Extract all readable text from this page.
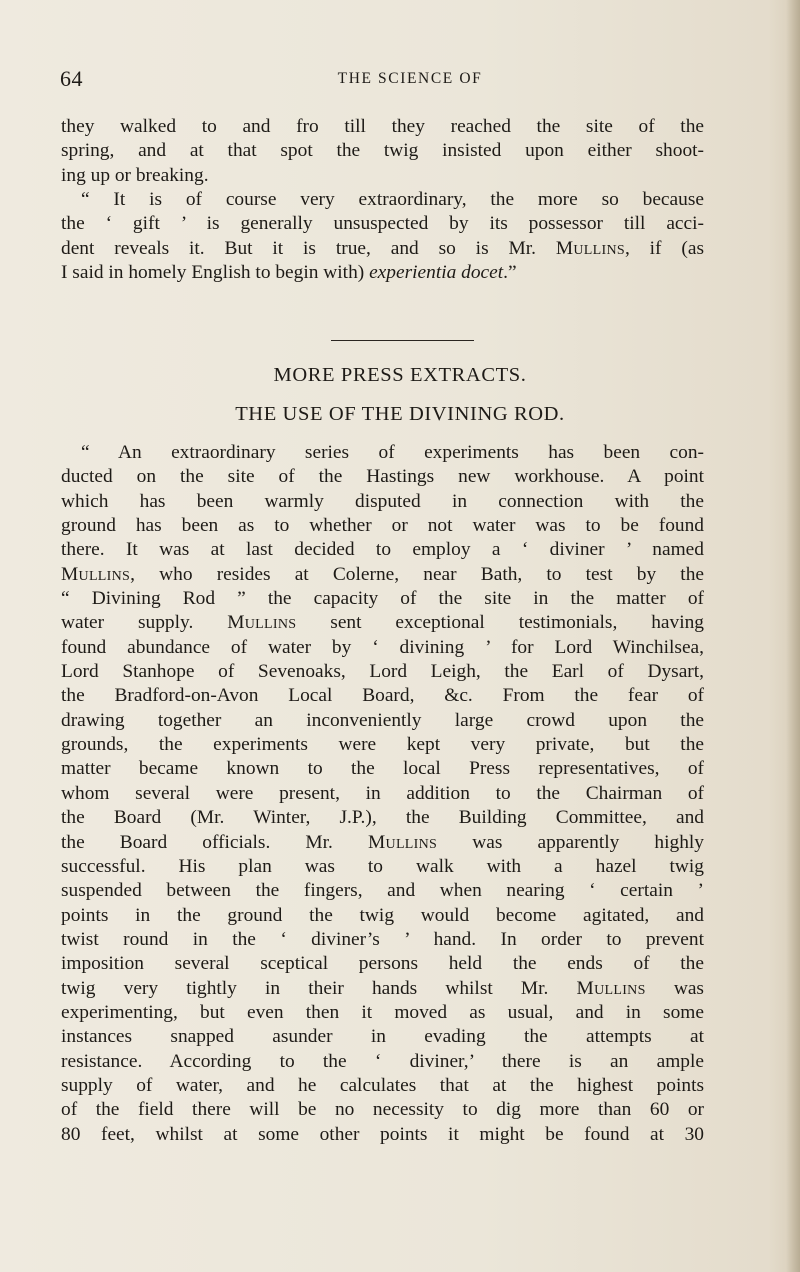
64	THE SCIENCE OF
they walked to and fro till they reached the site of the
spring, and at that spot the twig insisted upon either shoot-
ing up or breaking.
“ It is of course very extraordinary, the more so because
the ‘ gift ’ is generally unsuspected by its possessor till acci-
dent reveals it. But it is true, and so is Mr. Mullins, if (as
I said in homely English to begin with) experientia docet.”
MORE PRESS EXTRACTS.
THE USE OF THE DIVINING ROD.
“ An extraordinary series of experiments has been con-
ducted on the site of the Hastings new workhouse. A point
which has been warmly disputed in connection with the
ground has been as to whether or not water was to be found
there. It was at last decided to employ a ‘ diviner ’ named
Mullins, who resides at Colerne, near Bath, to test by the
“ Divining Rod ” the capacity of the site in the matter of
water supply. Mullins sent exceptional testimonials, having
found abundance of water by ‘ divining ’ for Lord Winchilsea,
Lord Stanhope of Sevenoaks, Lord Leigh, the Earl of Dysart,
the Bradford-on-Avon Local Board, &c. From the fear of
drawing together an inconveniently large crowd upon the
grounds, the experiments were kept very private, but the
matter became known to the local Press representatives, of
whom several were present, in addition to the Chairman of
the Board (Mr. Winter, J.P.), the Building Committee, and
the Board officials. Mr. Mullins was apparently highly
successful. His plan was to walk with a hazel twig
suspended between the fingers, and when nearing ‘ certain ’
points in the ground the twig would become agitated, and
twist round in the ‘ diviner’s ’ hand. In order to prevent
imposition several sceptical persons held the ends of the
twig very tightly in their hands whilst Mr. Mullins was
experimenting, but even then it moved as usual, and in some
instances snapped asunder in evading the attempts at
resistance. According to the ‘ diviner,’ there is an ample
supply of water, and he calculates that at the highest points
of the field there will be no necessity to dig more than 60 or
80 feet, whilst at some other points it might be found at 30
